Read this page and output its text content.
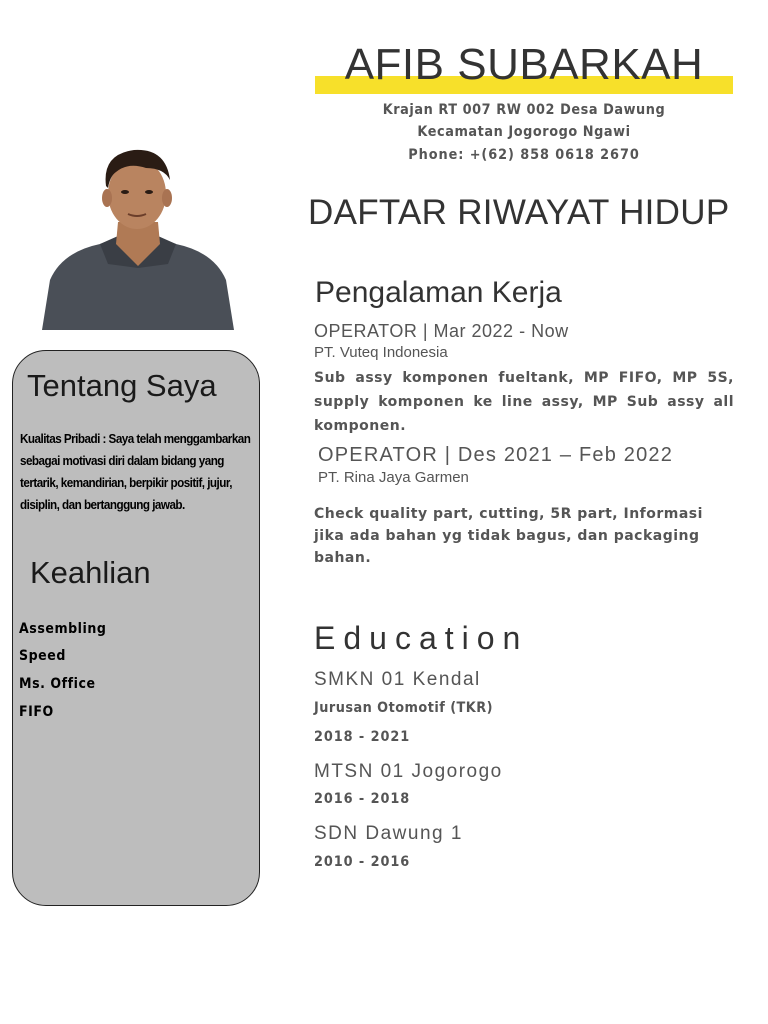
AFIB SUBARKAH
Krajan RT 007 RW 002 Desa Dawung Kecamatan Jogorogo Ngawi
Phone: +(62) 858 0618 2670
DAFTAR RIWAYAT HIDUP
Tentang Saya
Kualitas Pribadi : Saya telah menggambarkan sebagai motivasi diri dalam bidang yang tertarik, kemandirian, berpikir positif, jujur, disiplin, dan bertanggung jawab.
Keahlian
Assembling
Speed
Ms. Office
FIFO
Pengalaman Kerja
OPERATOR | Mar 2022 - Now
PT. Vuteq Indonesia
Sub assy komponen fueltank, MP FIFO, MP 5S, supply komponen ke line assy, MP Sub assy all komponen.
OPERATOR | Des 2021 – Feb 2022
PT. Rina Jaya Garmen
Check quality part, cutting, 5R part, Informasi jika ada bahan yg tidak bagus, dan packaging bahan.
Education
SMKN 01 Kendal
Jurusan Otomotif (TKR)
2018 - 2021
MTSN 01 Jogorogo
2016 - 2018
SDN Dawung 1
2010 - 2016
